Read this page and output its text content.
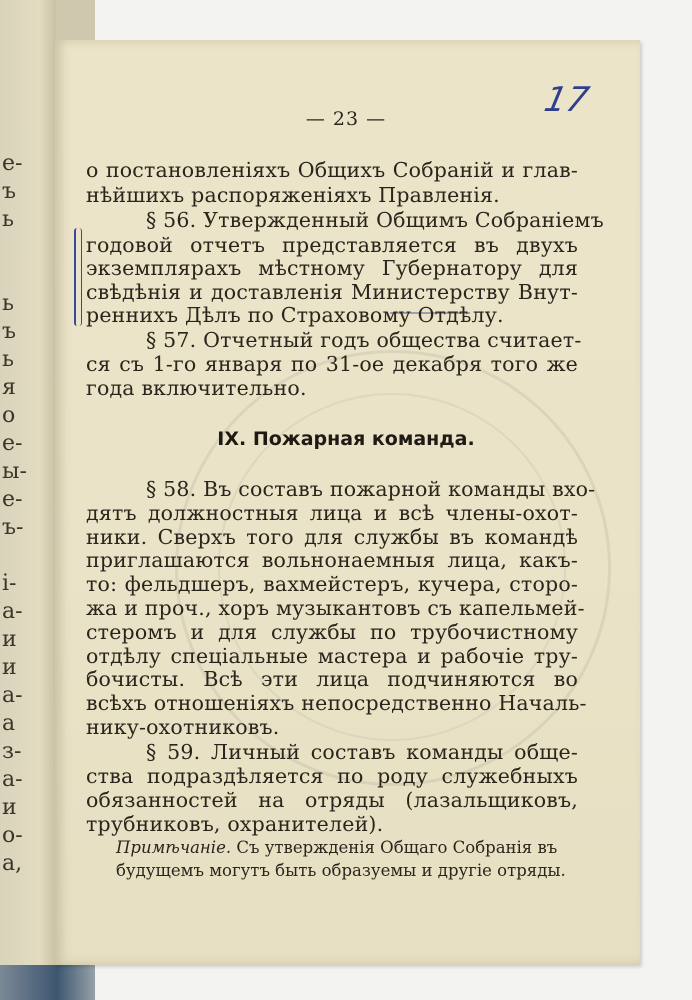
е-
ъ
ь
ь
ъ
ь
я
о
е-
ы-
е-
ъ-
і-
а-
и
и
а-
а
з-
а-
и
о-
а,
17
— 23 —
о постановленіяхъ Общихъ Собраній и глав-
нѣйшихъ распоряженіяхъ Правленія.
§ 56. Утвержденный Общимъ Собраніемъ
годовой отчетъ представляется въ двухъ
экземплярахъ мѣстному Губернатору для
свѣдѣнія и доставленія Министерству Внут-
реннихъ Дѣлъ по Страховому Отдѣлу.
§ 57. Отчетный годъ общества считает-
ся съ 1-го января по 31-ое декабря того же
года включительно.
IX. Пожарная команда.
§ 58. Въ составъ пожарной команды вхо-
дятъ должностныя лица и всѣ члены-охот-
ники. Сверхъ того для службы въ командѣ
приглашаются вольнонаемныя лица, какъ-
то: фельдшеръ, вахмейстеръ, кучера, сторо-
жа и проч., хоръ музыкантовъ съ капельмей-
стеромъ и для службы по трубочистному
отдѣлу спеціальные мастера и рабочіе тру-
бочисты. Всѣ эти лица подчиняются во
всѣхъ отношеніяхъ непосредственно Началь-
нику-охотниковъ.
§ 59. Личный составъ команды обще-
ства подраздѣляется по роду служебныхъ
обязанностей на отряды (лазальщиковъ,
трубниковъ, охранителей).
Примѣчаніе. Съ утвержденія Общаго Собранія въ
будущемъ могутъ быть образуемы и другіе отряды.
